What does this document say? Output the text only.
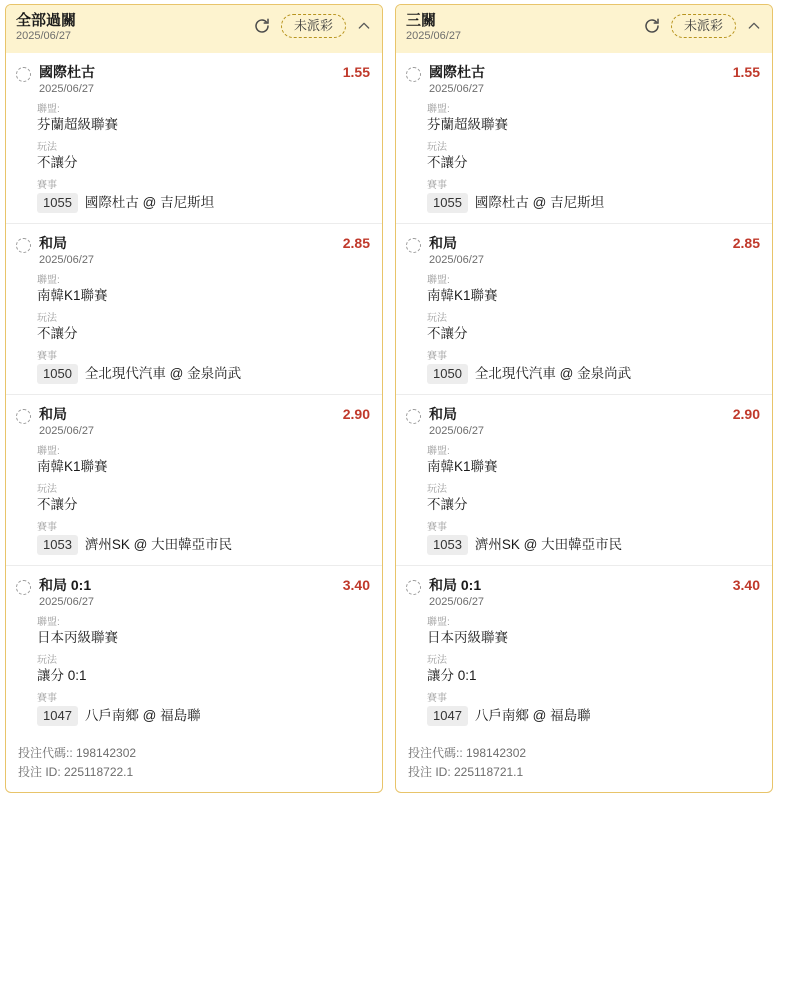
全部過關
2025/06/27
未派彩
國際杜古
2025/06/27
1.55
聯盟:
芬蘭超級聯賽
玩法
不讓分
賽事
1055 國際杜古 @ 吉尼斯坦
和局
2025/06/27
2.85
聯盟:
南韓K1聯賽
玩法
不讓分
賽事
1050 全北現代汽車 @ 金泉尚武
和局
2025/06/27
2.90
聯盟:
南韓K1聯賽
玩法
不讓分
賽事
1053 濟州SK @ 大田韓亞市民
和局 0:1
2025/06/27
3.40
聯盟:
日本丙級聯賽
玩法
讓分 0:1
賽事
1047 八戶南鄉 @ 福島聯
投注代碼:: 198142302
投注 ID: 225118722.1
三關
2025/06/27
未派彩
國際杜古
2025/06/27
1.55
聯盟:
芬蘭超級聯賽
玩法
不讓分
賽事
1055 國際杜古 @ 吉尼斯坦
和局
2025/06/27
2.85
聯盟:
南韓K1聯賽
玩法
不讓分
賽事
1050 全北現代汽車 @ 金泉尚武
和局
2025/06/27
2.90
聯盟:
南韓K1聯賽
玩法
不讓分
賽事
1053 濟州SK @ 大田韓亞市民
和局 0:1
2025/06/27
3.40
聯盟:
日本丙級聯賽
玩法
讓分 0:1
賽事
1047 八戶南鄉 @ 福島聯
投注代碼:: 198142302
投注 ID: 225118721.1
